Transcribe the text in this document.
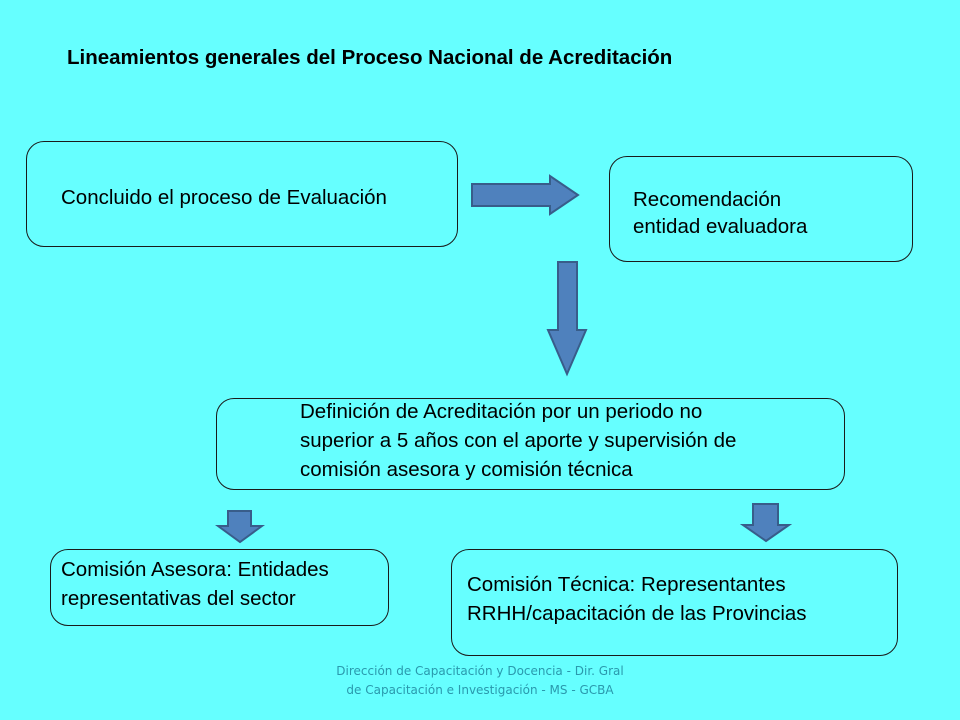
Lineamientos generales del Proceso Nacional de Acreditación
Concluido el proceso de Evaluación	Recomendación
entidad evaluadora
Definición de Acreditación por un periodo no
superior a 5 años con el aporte y supervisión de
comisión asesora y comisión técnica
Comisión Asesora: Entidades
representativas del sector
Comisión Técnica: Representantes
RRHH/capacitación de las Provincias
Dirección de Capacitación y Docencia - Dir. Gral de Capacitación e Investigación - MS - GCBA
